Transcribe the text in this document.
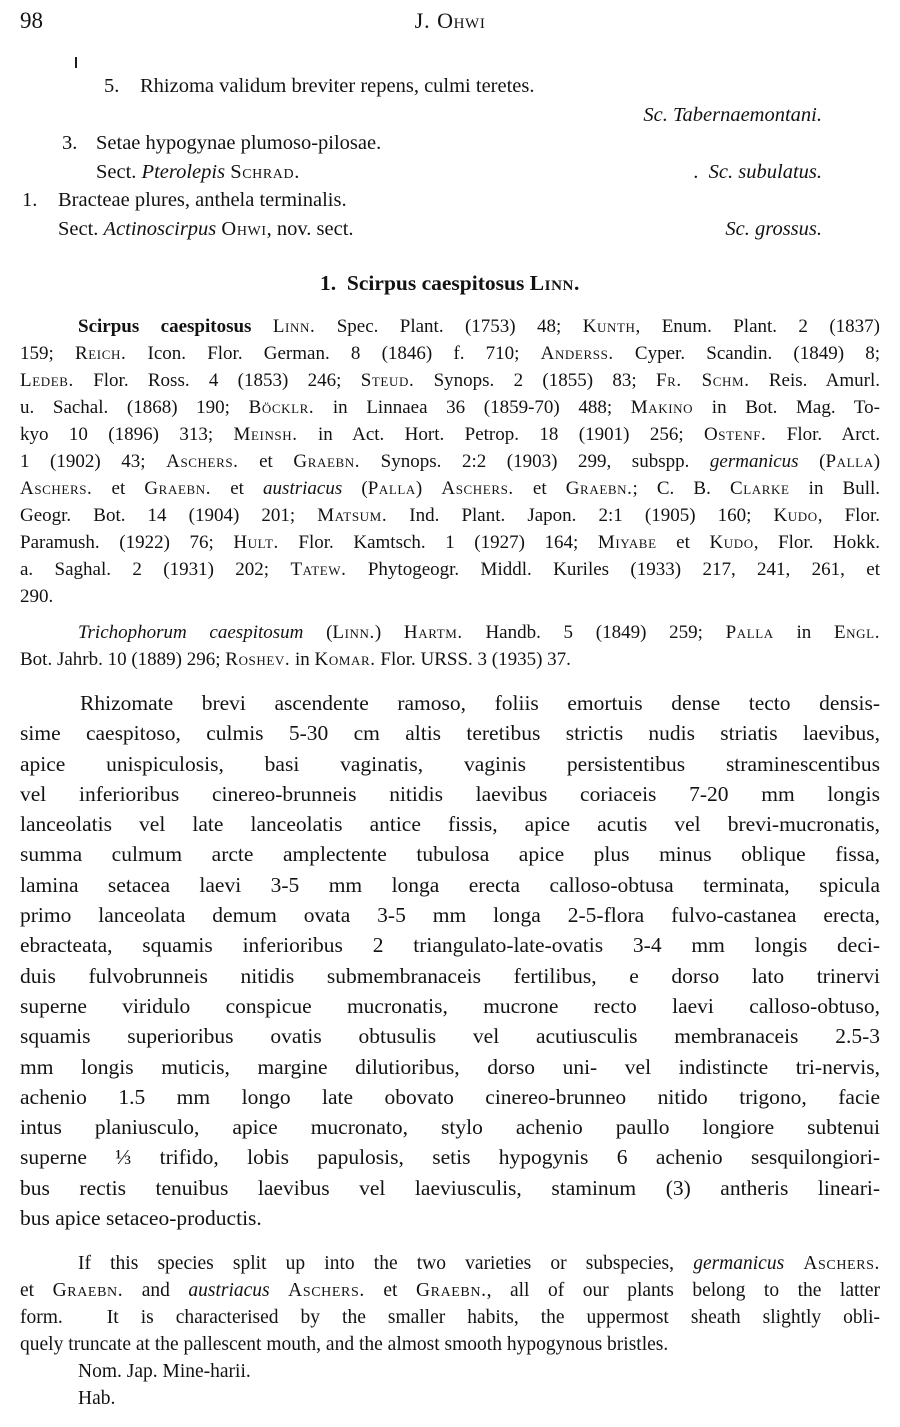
98	J. Ohwi
5.	Rhizoma validum breviter repens, culmi teretes.
Sc. Tabernaemontani.
3. Setae hypogynae plumoso-pilosae.
Sect. Pterolepis Schrad.	. Sc. subulatus.
1.	Bracteae plures, anthela terminalis.
Sect. Actinoscirpus Ohwi, nov. sect.	Sc. grossus.
1. Scirpus caespitosus Linn.
Scirpus caespitosus Linn. Spec. Plant. (1753) 48; Kunth, Enum. Plant. 2 (1837)
159; Reich. Icon. Flor. German. 8 (1846) f. 710; Anderss. Cyper. Scandin. (1849) 8;
Ledeb. Flor. Ross. 4 (1853) 246; Steud. Synops. 2 (1855) 83; Fr. Schm. Reis. Amurl.
u. Sachal. (1868) 190; Böcklr. in Linnaea 36 (1859-70) 488; Makino in Bot. Mag. To-
kyo 10 (1896) 313; Meinsh. in Act. Hort. Petrop. 18 (1901) 256; Ostenf. Flor. Arct.
1 (1902) 43; Aschers. et Graebn. Synops. 2:2 (1903) 299, subspp. germanicus (Palla)
Aschers. et Graebn. et austriacus (Palla) Aschers. et Graebn.; C. B. Clarke in Bull.
Geogr. Bot. 14 (1904) 201; Matsum. Ind. Plant. Japon. 2:1 (1905) 160; Kudo, Flor.
Paramush. (1922) 76; Hult. Flor. Kamtsch. 1 (1927) 164; Miyabe et Kudo, Flor. Hokk.
a. Saghal. 2 (1931) 202; Tatew. Phytogeogr. Middl. Kuriles (1933) 217, 241, 261, et
290.
Trichophorum caespitosum (Linn.) Hartm. Handb. 5 (1849) 259; Palla in Engl.
Bot. Jahrb. 10 (1889) 296; Roshev. in Komar. Flor. URSS. 3 (1935) 37.
Rhizomate brevi ascendente ramoso, foliis emortuis dense tecto densis-
sime caespitoso, culmis 5-30 cm altis teretibus strictis nudis striatis laevibus,
apice unispiculosis, basi vaginatis, vaginis persistentibus straminescentibus
vel inferioribus cinereo-brunneis nitidis laevibus coriaceis 7-20 mm longis
lanceolatis vel late lanceolatis antice fissis, apice acutis vel brevi-mucronatis,
summa culmum arcte amplectente tubulosa apice plus minus oblique fissa,
lamina setacea laevi 3-5 mm longa erecta calloso-obtusa terminata, spicula
primo lanceolata demum ovata 3-5 mm longa 2-5-flora fulvo-castanea erecta,
ebracteata, squamis inferioribus 2 triangulato-late-ovatis 3-4 mm longis deci-
duis fulvobrunneis nitidis submembranaceis fertilibus, e dorso lato trinervi
superne viridulo conspicue mucronatis, mucrone recto laevi calloso-obtuso,
squamis superioribus ovatis obtusulis vel acutiusculis membranaceis 2.5-3
mm longis muticis, margine dilutioribus, dorso uni- vel indistincte tri-nervis,
achenio 1.5 mm longo late obovato cinereo-brunneo nitido trigono, facie
intus planiusculo, apice mucronato, stylo achenio paullo longiore subtenui
superne ⅓ trifido, lobis papulosis, setis hypogynis 6 achenio sesquilongiori-
bus rectis tenuibus laevibus vel laeviusculis, staminum (3) antheris lineari-
bus apice setaceo-productis.
If this species split up into the two varieties or subspecies, germanicus Aschers.
et Graebn. and austriacus Aschers. et Graebn., all of our plants belong to the latter
form.  It is characterised by the smaller habits, the uppermost sheath slightly obli-
quely truncate at the pallescent mouth, and the almost smooth hypogynous bristles.
Nom. Jap. Mine-harii.
Hab.
